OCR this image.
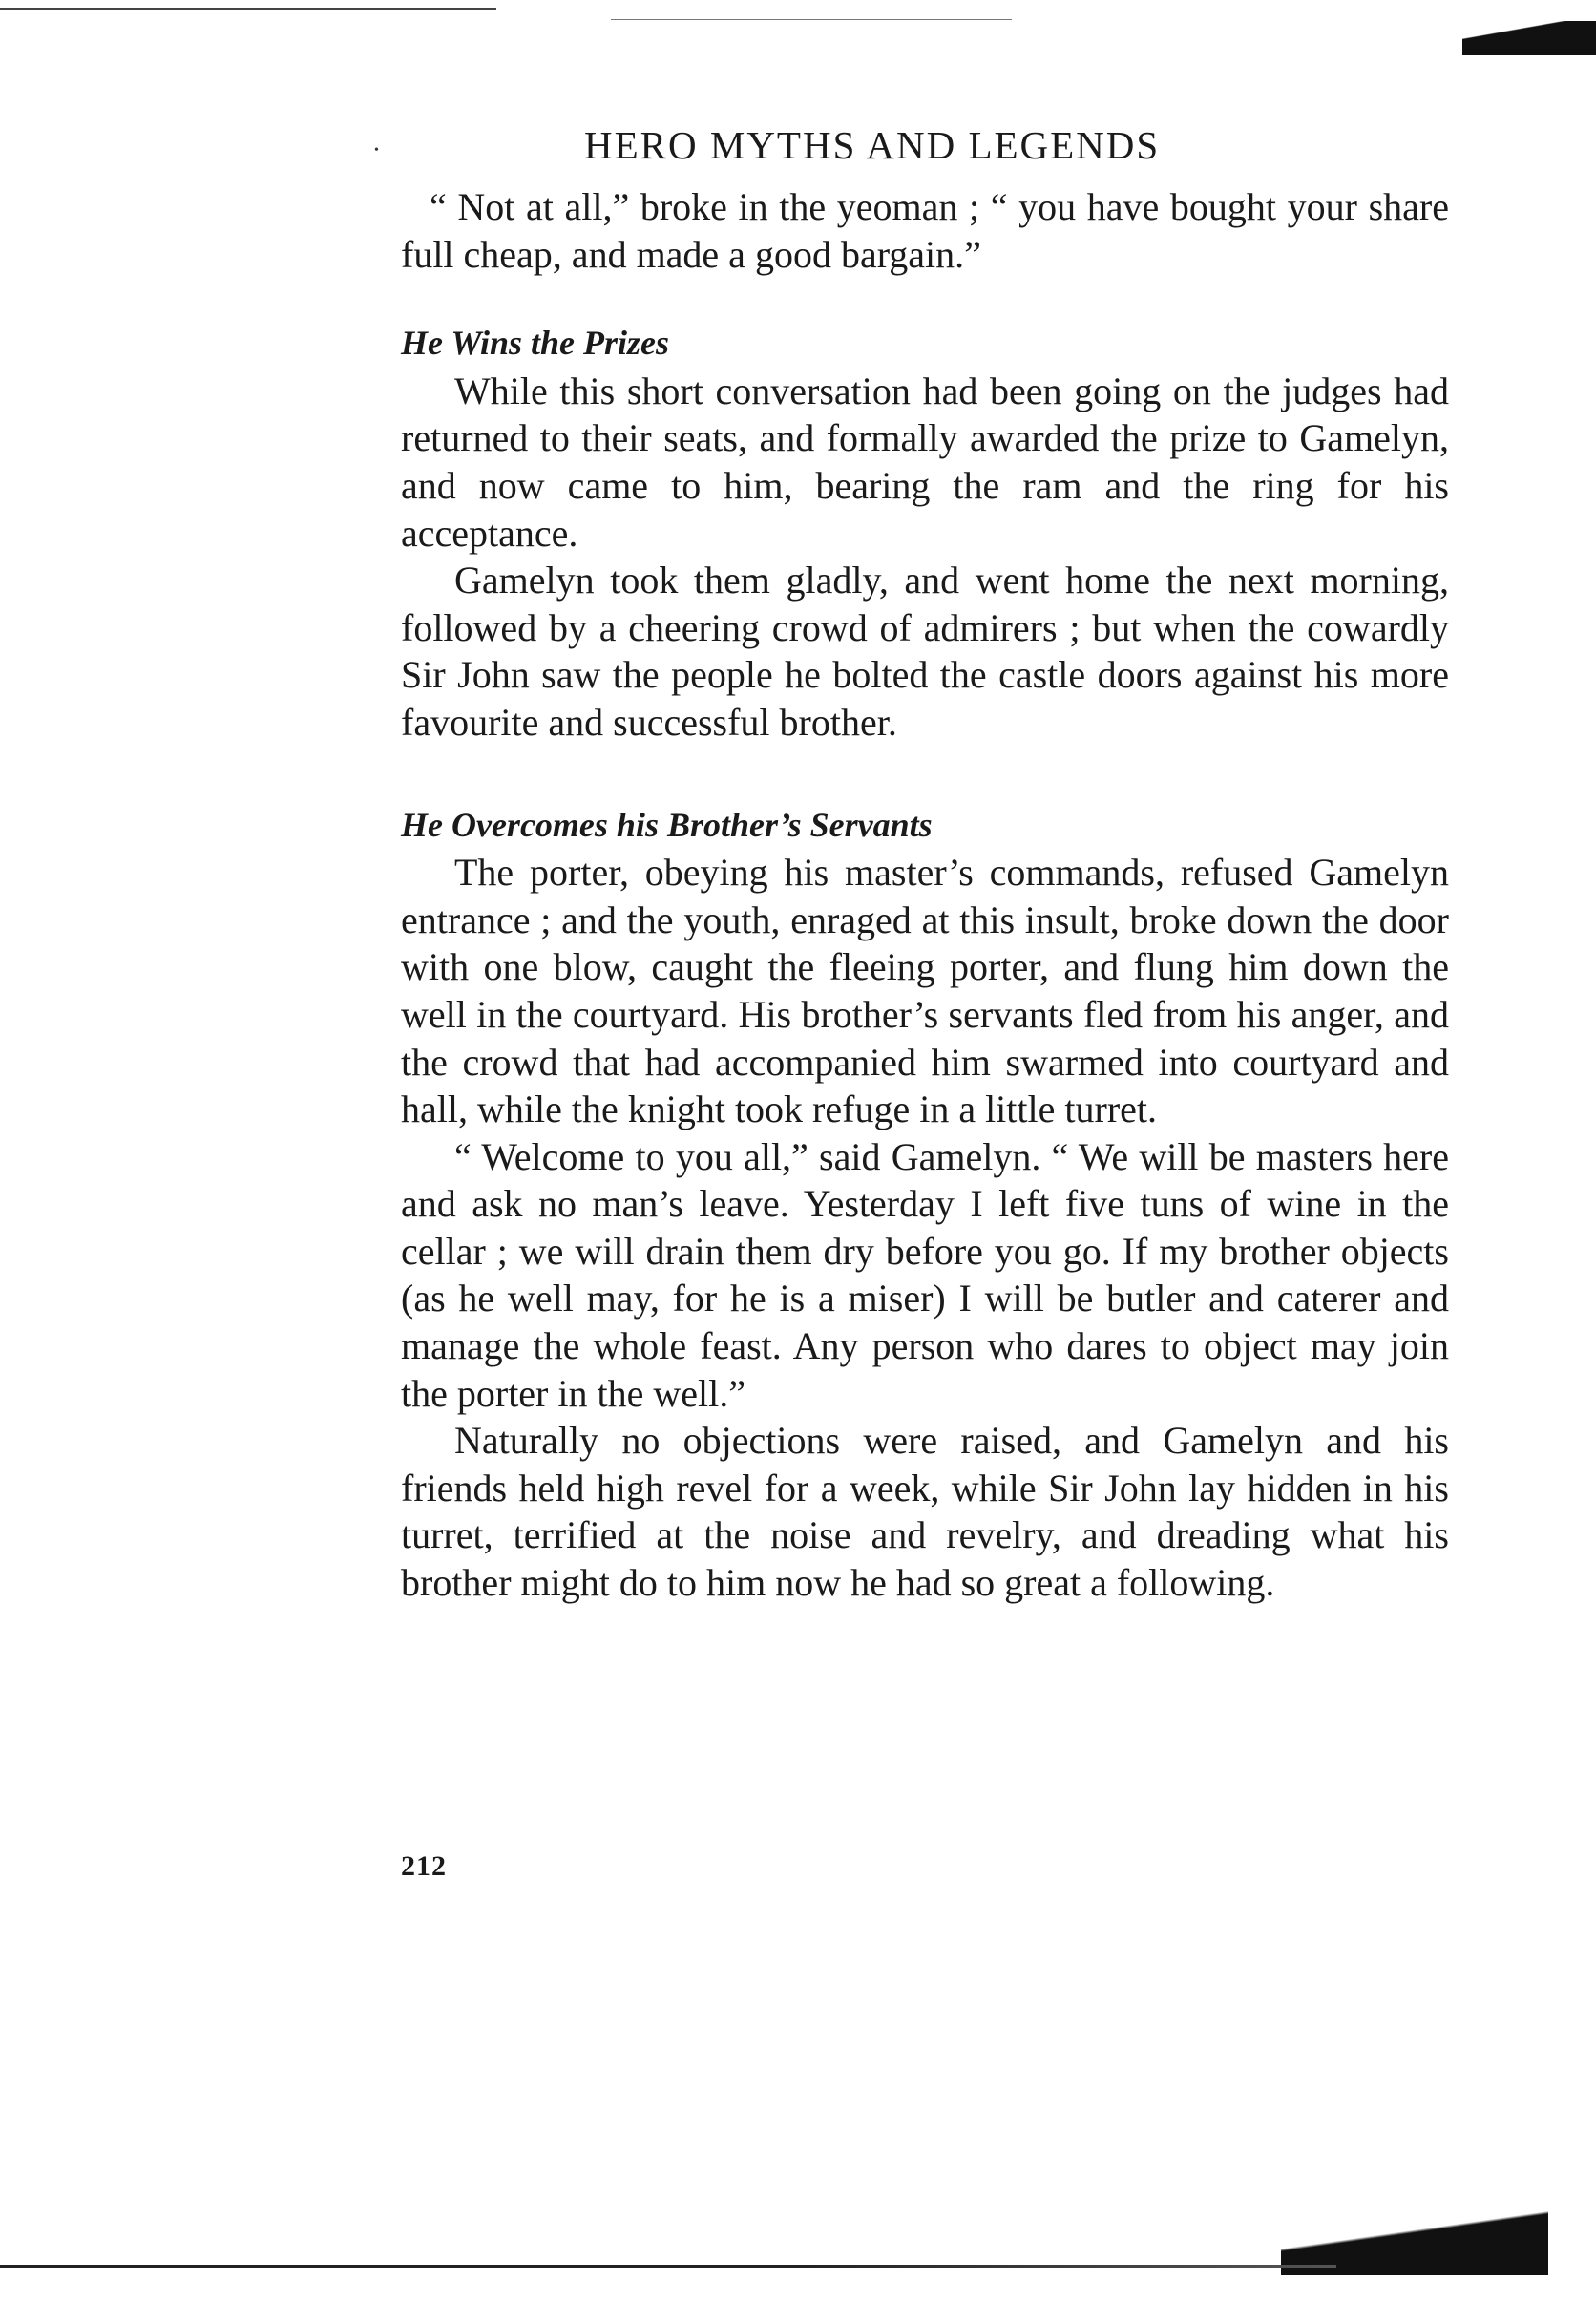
•	HERO MYTHS AND LEGENDS

“ Not at all,” broke in the yeoman ; “ you have bought your share full cheap, and made a good bargain.”

He Wins the Prizes

While this short conversation had been going on the judges had returned to their seats, and formally awarded the prize to Gamelyn, and now came to him, bearing the ram and the ring for his acceptance.

Gamelyn took them gladly, and went home the next morning, followed by a cheering crowd of admirers ; but when the cowardly Sir John saw the people he bolted the castle doors against his more favourite and successful brother.

He Overcomes his Brother’s Servants

The porter, obeying his master’s commands, refused Gamelyn entrance ; and the youth, enraged at this insult, broke down the door with one blow, caught the fleeing porter, and flung him down the well in the courtyard. His brother’s servants fled from his anger, and the crowd that had accompanied him swarmed into courtyard and hall, while the knight took refuge in a little turret.

“ Welcome to you all,” said Gamelyn. “ We will be masters here and ask no man’s leave. Yesterday I left five tuns of wine in the cellar ; we will drain them dry before you go. If my brother objects (as he well may, for he is a miser) I will be butler and caterer and manage the whole feast. Any person who dares to object may join the porter in the well.”

Naturally no objections were raised, and Gamelyn and his friends held high revel for a week, while Sir John lay hidden in his turret, terrified at the noise and revelry, and dreading what his brother might do to him now he had so great a following.

212
